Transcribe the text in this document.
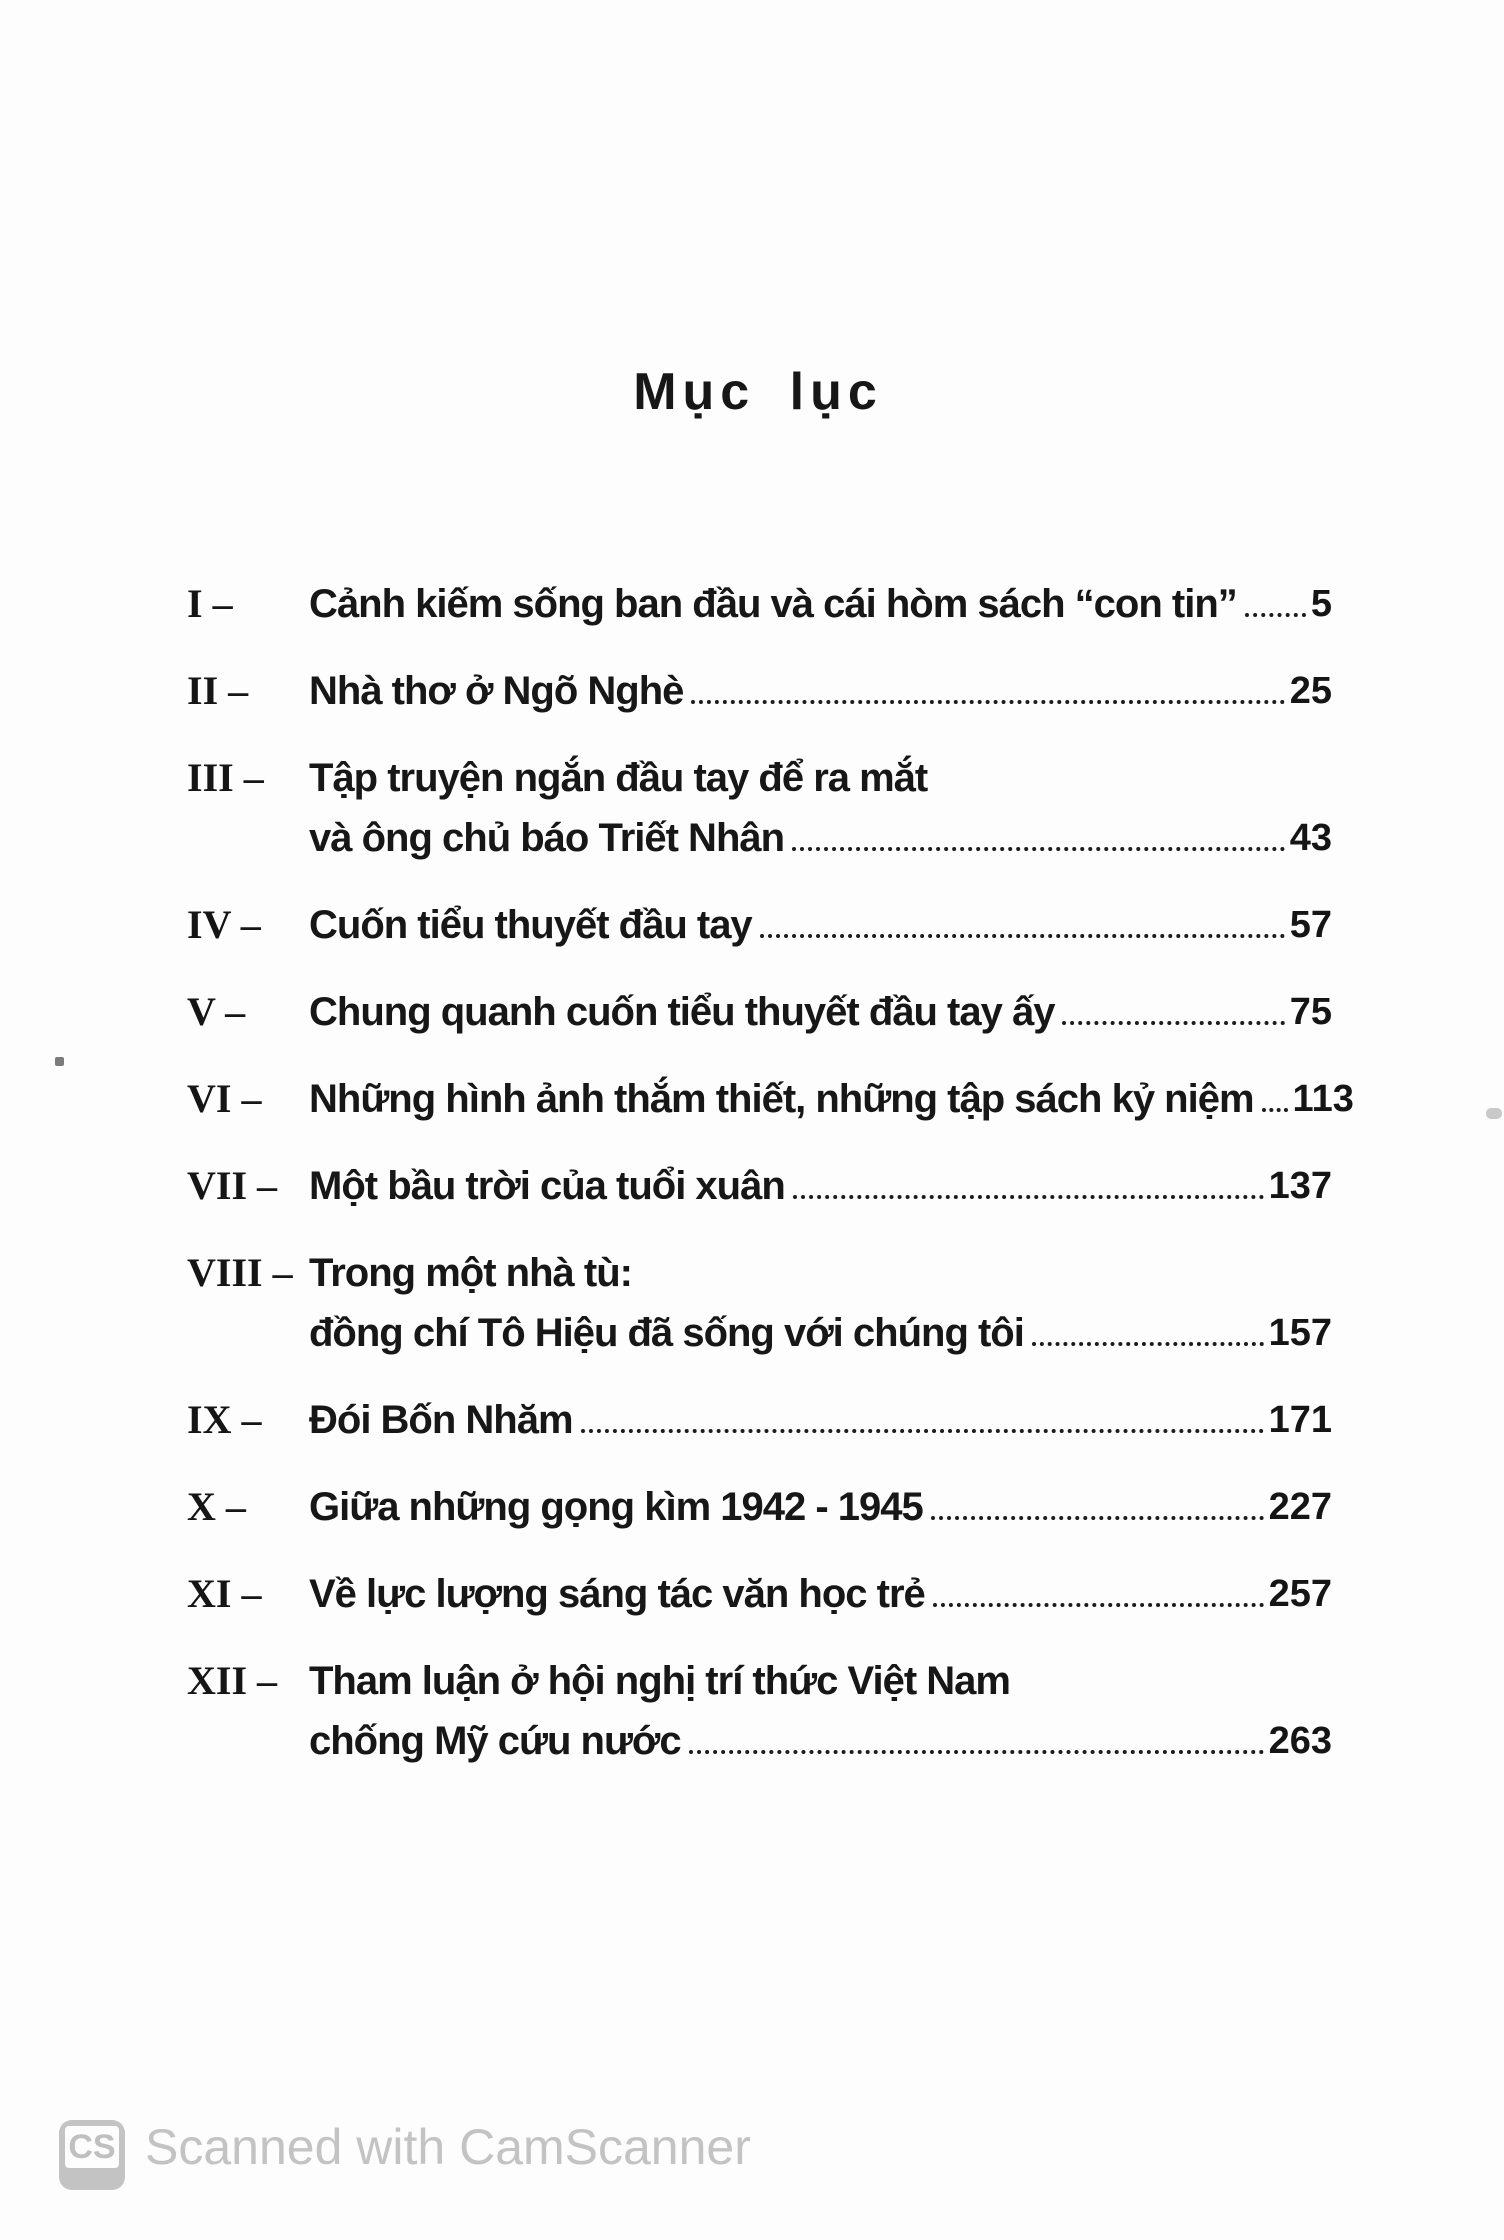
Mục lục
I –	Cảnh kiếm sống ban đầu và cái hòm sách “con tin” 5
II –	Nhà thơ ở Ngõ Nghè	25
III –	Tập truyện ngắn đầu tay để ra mắt
và ông chủ báo Triết Nhân	43
IV –	Cuốn tiểu thuyết đầu tay	57
V –	Chung quanh cuốn tiểu thuyết đầu tay ấy	75
VI –	Những hình ảnh thắm thiết, những tập sách kỷ niệm 113
VII – Một bầu trời của tuổi xuân	137
VIII – Trong một nhà tù:
đồng chí Tô Hiệu đã sống với chúng tôi	157
IX –	Đói Bốn Nhăm	171
X –	Giữa những gọng kìm 1942 - 1945	227
XI –	Về lực lượng sáng tác văn học trẻ	257
XII – Tham luận ở hội nghị trí thức Việt Nam
chống Mỹ cứu nước	263
CS Scanned with CamScanner
